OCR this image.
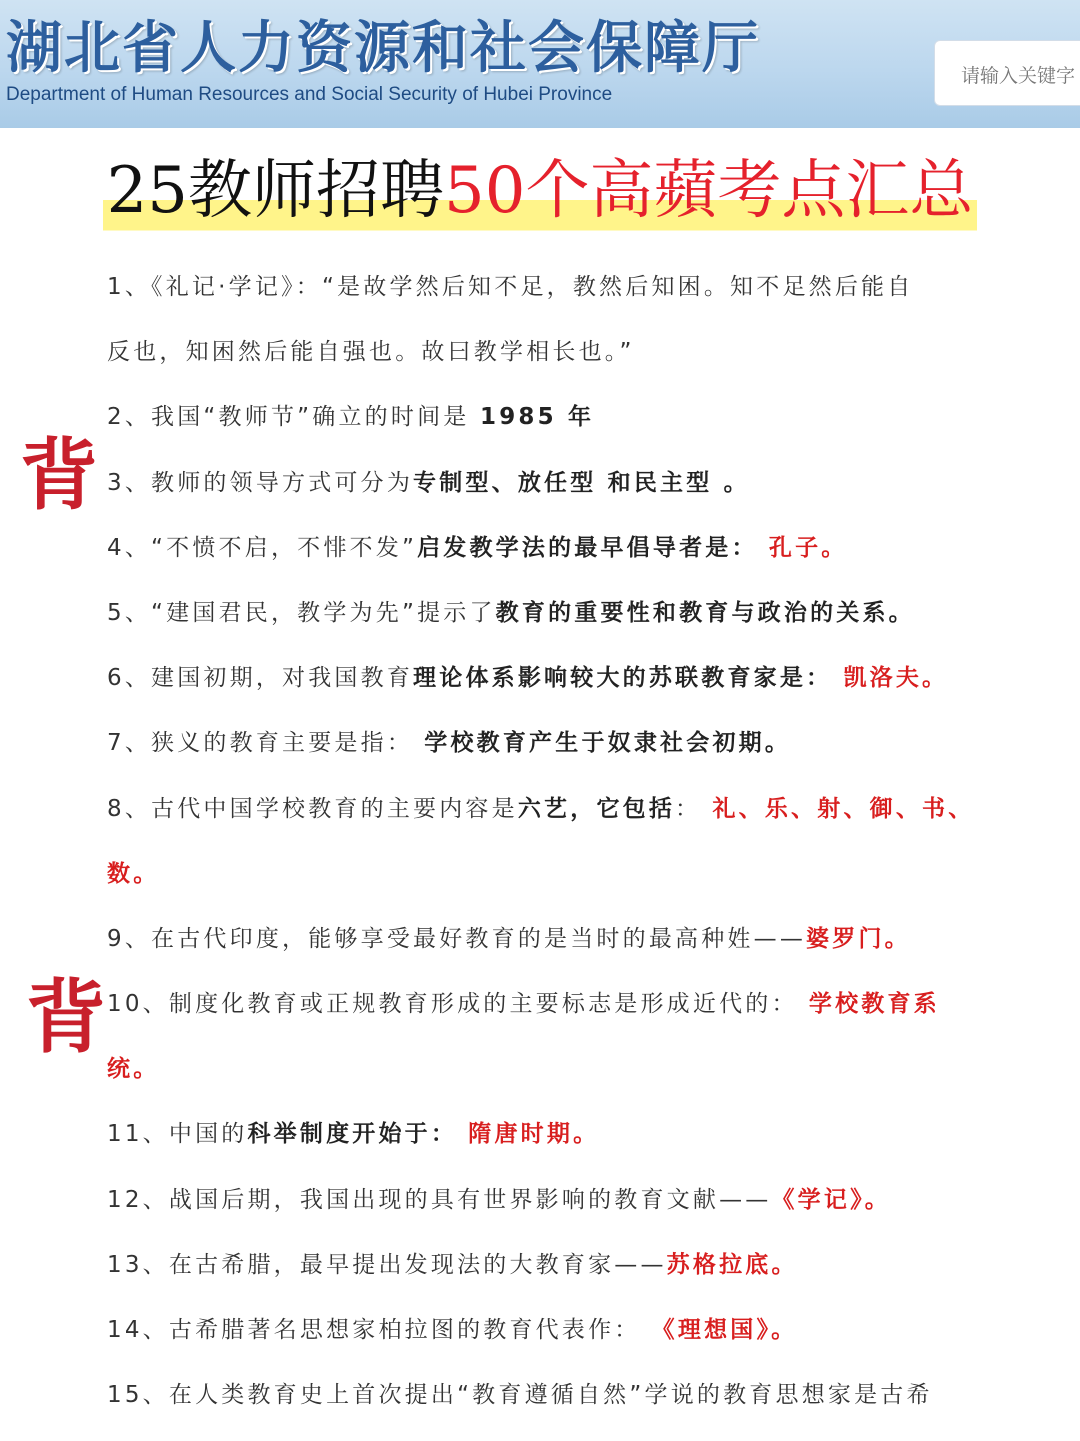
湖北省人力资源和社会保障厅
Department of Human Resources and Social Security of Hubei Province
请输入关键字
25教师招聘50个高蘋考点汇总
背
背
1、《礼记·学记》：“是故学然后知不足，教然后知困。知不足然后能自
反也，知困然后能自强也。故曰教学相长也。”
2、我国“教师节”确立的时间是 1985 年
3、教师的领导方式可分为专制型、放任型 和民主型 。
4、“不愤不启，不悱不发”启发教学法的最早倡导者是： 孔子。
5、“建国君民，教学为先”提示了教育的重要性和教育与政治的关系。
6、建国初期，对我国教育理论体系影响较大的苏联教育家是： 凯洛夫。
7、狭义的教育主要是指： 学校教育产生于奴隶社会初期。
8、古代中国学校教育的主要内容是六艺，它包括： 礼、乐、射、御、书、
数。
9、在古代印度，能够享受最好教育的是当时的最高种姓——婆罗门。
10、制度化教育或正规教育形成的主要标志是形成近代的： 学校教育系
统。
11、中国的科举制度开始于： 隋唐时期。
12、战国后期，我国出现的具有世界影响的教育文献——《学记》。
13、在古希腊，最早提出发现法的大教育家——苏格拉底。
14、古希腊著名思想家柏拉图的教育代表作： 《理想国》。
15、在人类教育史上首次提出“教育遵循自然”学说的教育思想家是古希
